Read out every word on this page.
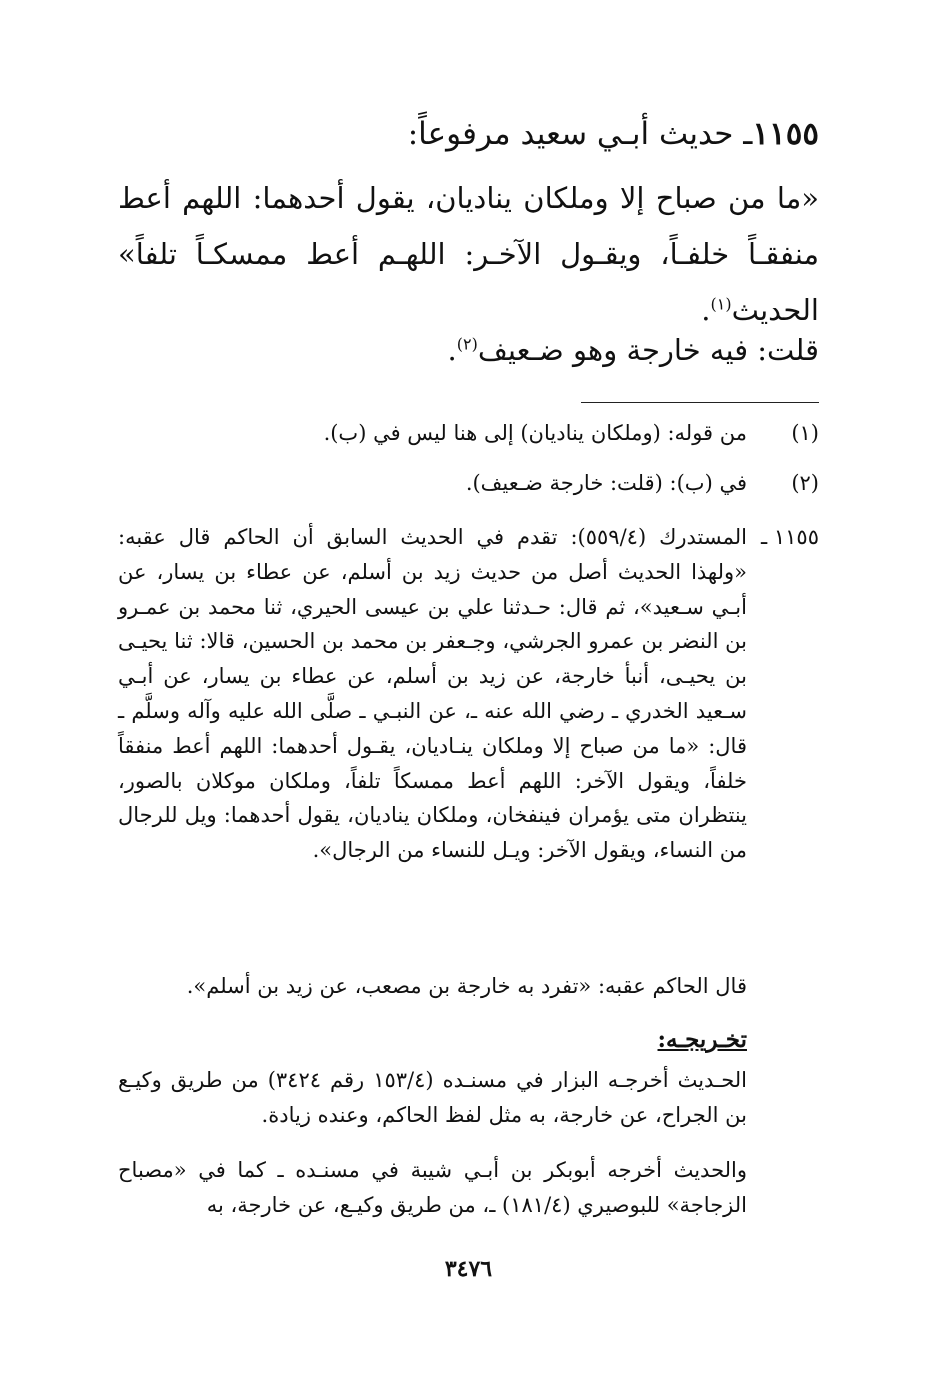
١١٥٥ـ حديث أبـي سعيد مرفوعاً:
«ما من صباح إلا وملكان ينادیان، يقول أحدهما: اللهم أعط منفقـاً خلفـاً، ويقـول الآخـر: اللهـم أعط ممسكـاً تلفاً» الحديث$^{(١)}$.
قلت: فيه خارجة وهو ضـعيف$^{(٢)}$.
(١)
من قوله: (وملكان ينادیان) إلى هنا ليس في (ب).
(٢)
في (ب): (قلت: خارجة ضـعيف).
١١٥٥ ـ

المستدرك (٥٥٩/٤): تقدم في الحديث السابق أن الحاكم قال عقبه: «ولهذا الحديث أصل من حديث زيد بن أسلم، عن عطاء بن يسار، عن أبـي سـعيد»، ثم قال: حـدثنا علي بن عيسى الحيري، ثنا محمد بن عمـرو بن النضر بن عمرو الجرشي، وجـعفر بن محمد بن الحسين، قالا: ثنا يحيـى بن يحيـى، أنبأ خارجة، عن زيد بن أسلم، عن عطاء بن يسار، عن أبـي سـعيد الخدري ـ رضي الله عنه ـ، عن النبـي ـ صلَّى الله عليه وآله وسلَّم ـ قال: «ما من صباح إلا وملكان ينـاديان، يقـول أحدهما: اللهم أعط منفقاً خلفاً، ويقول الآخر: اللهم أعط ممسكاً تلفاً، وملكان موكلان بالصور، ينتظران متى يؤمران فينفخان، وملكان ينادیان، يقول أحدهما: ويل للرجال من النساء، ويقول الآخر: ويـل للنساء من الرجال».

قال الحاكم عقبه: «تفرد به خارجة بن مصعب، عن زيد بن أسلم».
تخـريجـه:
الحـديث أخرجـه البزار في مسنـده (١٥٣/٤ رقم ٣٤٢٤) من طريق وكيـع بن الجراح، عن خارجة، به مثل لفظ الحاكم، وعنده زيادة.
والحديث أخرجه أبوبكر بن أبـي شيبة في مسنـده ـ كما في «مصباح الزجاجة» للبوصيري (١٨١/٤) ـ، من طريق وكيـع، عن خارجة، به
٣٤٧٦
